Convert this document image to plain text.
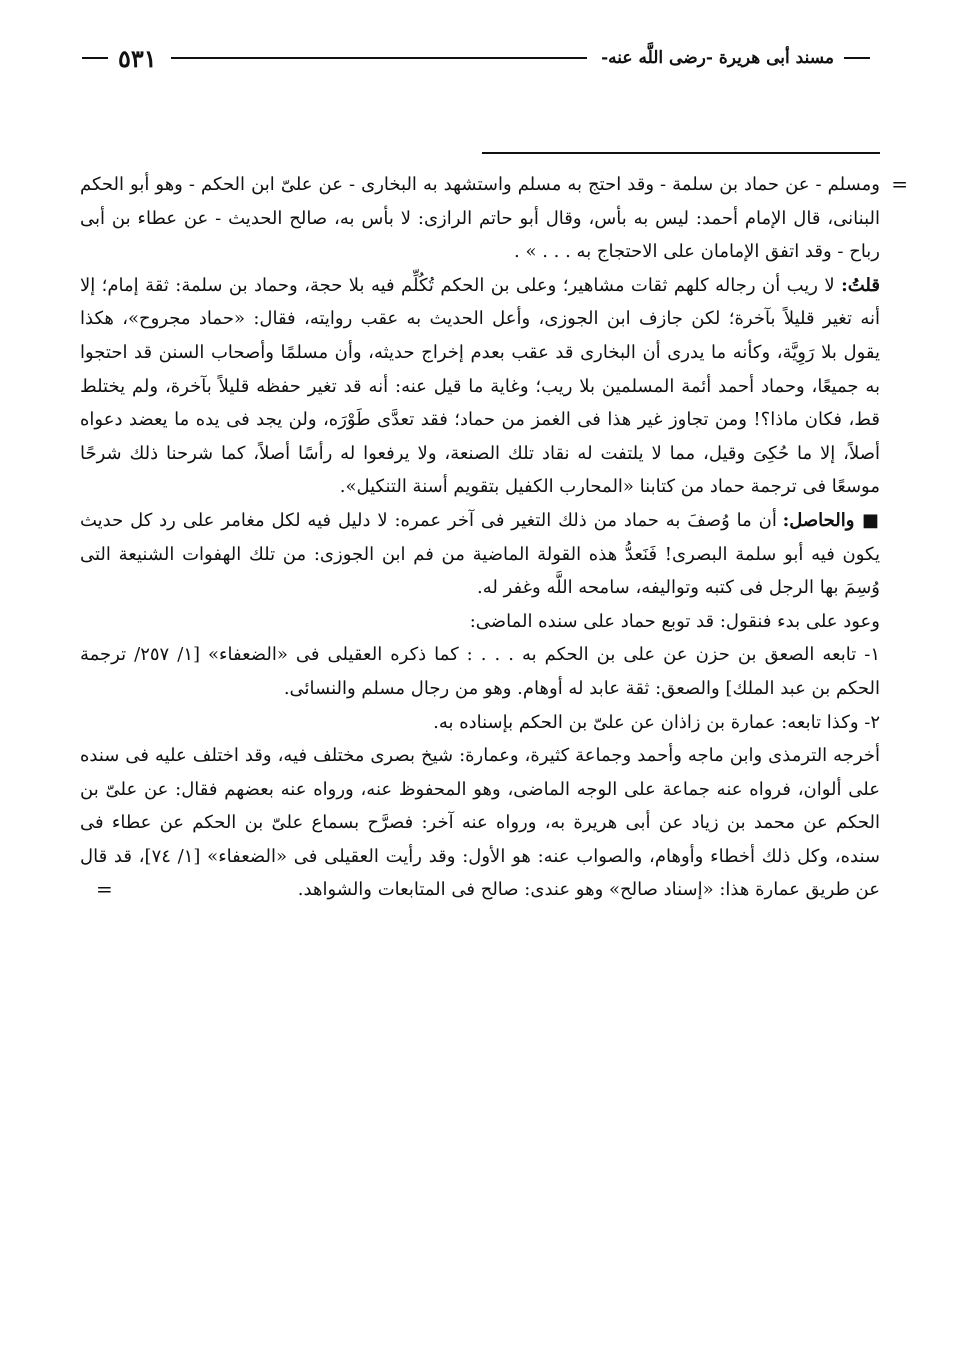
مسند أبى هريرة -رضى اللَّه عنه-
٥٣١

=
ومسلم - عن حماد بن سلمة - وقد احتج به مسلم واستشهد به البخارى - عن علىّ ابن الحكم - وهو أبو الحكم البنانى، قال الإمام أحمد: ليس به بأس، وقال أبو حاتم الرازى: لا بأس به، صالح الحديث - عن عطاء بن أبى رباح - وقد اتفق الإمامان على الاحتجاج به . . . » .

قلتُ: لا ريب أن رجاله كلهم ثقات مشاهير؛ وعلى بن الحكم تُكُلِّم فيه بلا حجة، وحماد بن سلمة: ثقة إمام؛ إلا أنه تغير قليلاً بآخرة؛ لكن جازف ابن الجوزى، وأعل الحديث به عقب روايته، فقال: «حماد مجروح»، هكذا يقول بلا رَوِيَّة، وكأنه ما يدرى أن البخارى قد عقب بعدم إخراج حديثه، وأن مسلمًا وأصحاب السنن قد احتجوا به جميعًا، وحماد أحمد أئمة المسلمين بلا ريب؛ وغاية ما قيل عنه: أنه قد تغير حفظه قليلاً بآخرة، ولم يختلط قط، فكان ماذا؟! ومن تجاوز غير هذا فى الغمز من حماد؛ فقد تعدَّى طَوْرَه، ولن يجد فى يده ما يعضد دعواه أصلاً، إلا ما حُكِىَ وقيل، مما لا يلتفت له نقاد تلك الصنعة، ولا يرفعوا له رأسًا أصلاً، كما شرحنا ذلك شرحًا موسعًا فى ترجمة حماد من كتابنا «المحارب الكفيل بتقويم أسنة التنكيل».

■ والحاصل: أن ما وُصفَ به حماد من ذلك التغير فى آخر عمره: لا دليل فيه لكل مغامر على رد كل حديث يكون فيه أبو سلمة البصرى! فَنَعدُّ هذه القولة الماضية من فم ابن الجوزى: من تلك الهفوات الشنيعة التى وُسِمَ بها الرجل فى كتبه وتواليفه، سامحه اللَّه وغفر له.

وعود على بدء فنقول: قد توبع حماد على سنده الماضى:

١- تابعه الصعق بن حزن عن على بن الحكم به . . . : كما ذكره العقيلى فى «الضعفاء» [١/ ٢٥٧/ ترجمة الحكم بن عبد الملك] والصعق: ثقة عابد له أوهام. وهو من رجال مسلم والنسائى.

٢- وكذا تابعه: عمارة بن زاذان عن علىّ بن الحكم بإسناده به.

أخرجه الترمذى وابن ماجه وأحمد وجماعة كثيرة، وعمارة: شيخ بصرى مختلف فيه، وقد اختلف عليه فى سنده على ألوان، فرواه عنه جماعة على الوجه الماضى، وهو المحفوظ عنه، ورواه عنه بعضهم فقال: عن علىّ بن الحكم عن محمد بن زياد عن أبى هريرة به، ورواه عنه آخر: فصرَّح بسماع علىّ بن الحكم عن عطاء فى سنده، وكل ذلك أخطاء وأوهام، والصواب عنه: هو الأول: وقد رأيت العقيلى فى «الضعفاء» [١/ ٧٤]، قد قال عن طريق عمارة هذا: «إسناد صالح» وهو عندى: صالح فى المتابعات والشواهد.
=
